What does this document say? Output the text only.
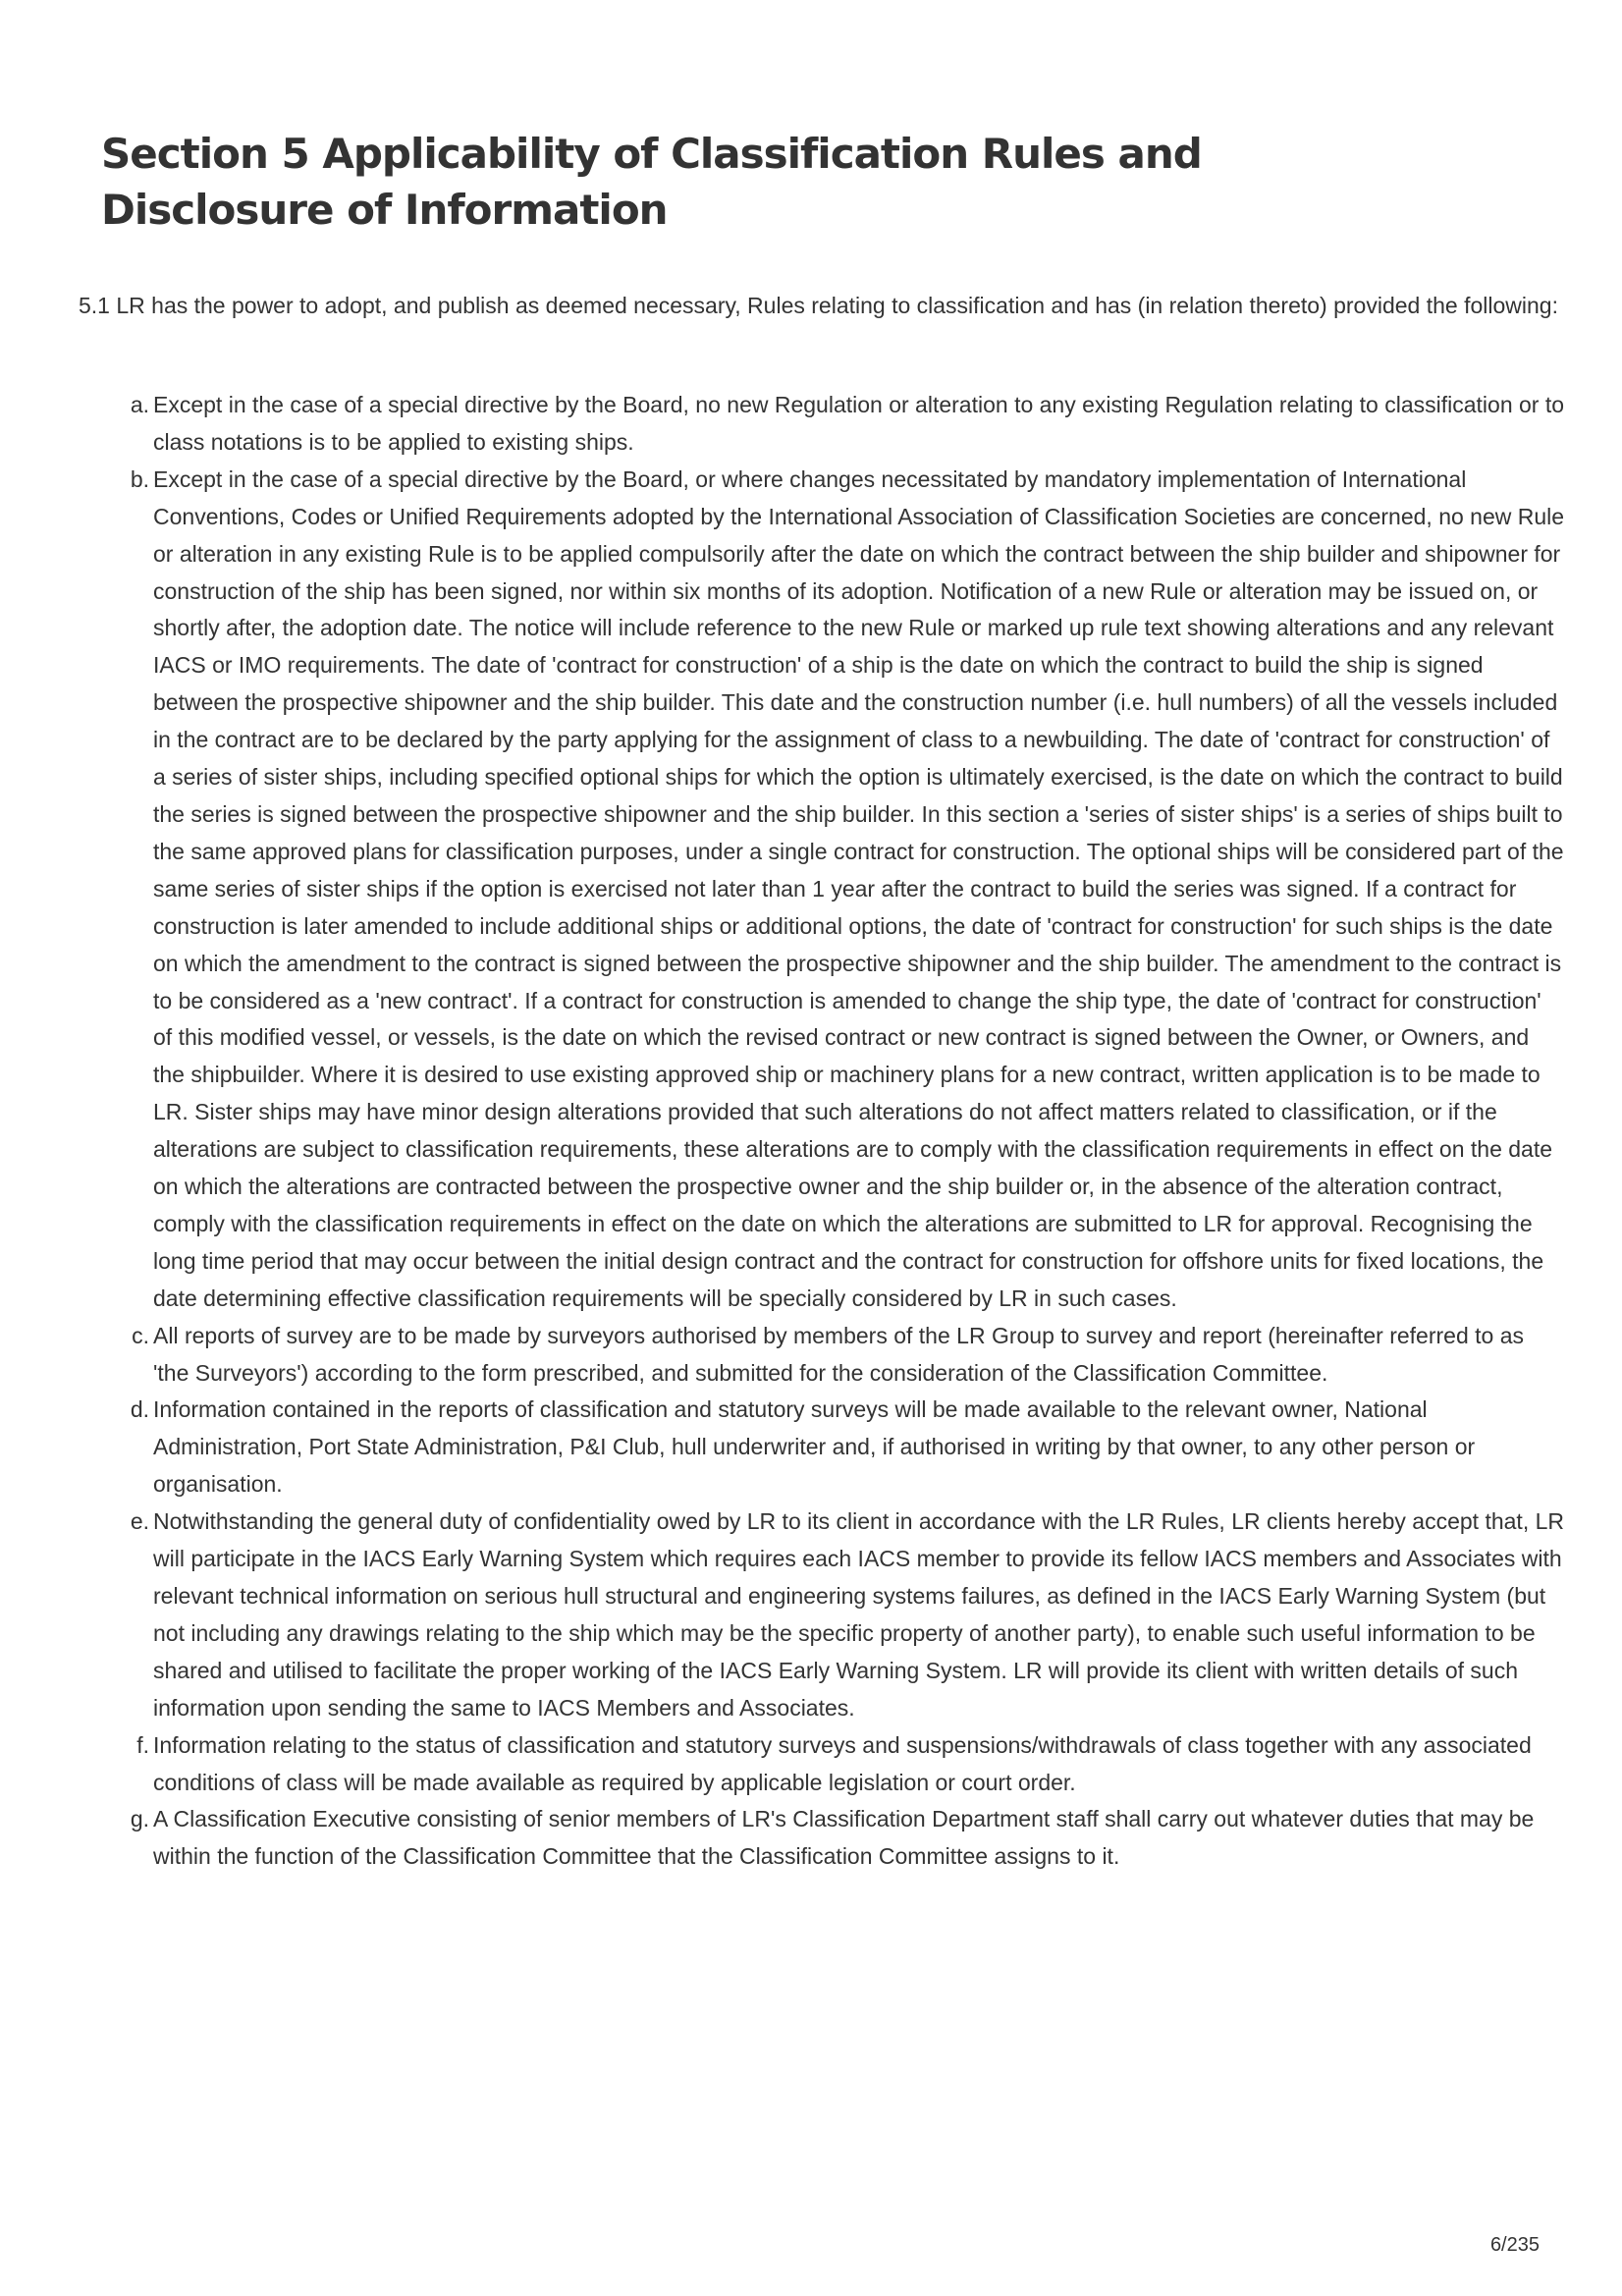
Section 5 Applicability of Classification Rules and Disclosure of Information

5.1 LR has the power to adopt, and publish as deemed necessary, Rules relating to classification and has (in relation thereto) provided the following:

a. Except in the case of a special directive by the Board, no new Regulation or alteration to any existing Regulation relating to classification or to class notations is to be applied to existing ships.
b. Except in the case of a special directive by the Board, or where changes necessitated by mandatory implementation of International Conventions, Codes or Unified Requirements adopted by the International Association of Classification Societies are concerned, no new Rule or alteration in any existing Rule is to be applied compulsorily after the date on which the contract between the ship builder and shipowner for construction of the ship has been signed, nor within six months of its adoption. Notification of a new Rule or alteration may be issued on, or shortly after, the adoption date. The notice will include reference to the new Rule or marked up rule text showing alterations and any relevant IACS or IMO requirements. The date of 'contract for construction' of a ship is the date on which the contract to build the ship is signed between the prospective shipowner and the ship builder. This date and the construction number (i.e. hull numbers) of all the vessels included in the contract are to be declared by the party applying for the assignment of class to a newbuilding. The date of 'contract for construction' of a series of sister ships, including specified optional ships for which the option is ultimately exercised, is the date on which the contract to build the series is signed between the prospective shipowner and the ship builder. In this section a 'series of sister ships' is a series of ships built to the same approved plans for classification purposes, under a single contract for construction. The optional ships will be considered part of the same series of sister ships if the option is exercised not later than 1 year after the contract to build the series was signed. If a contract for construction is later amended to include additional ships or additional options, the date of 'contract for construction' for such ships is the date on which the amendment to the contract is signed between the prospective shipowner and the ship builder. The amendment to the contract is to be considered as a 'new contract'. If a contract for construction is amended to change the ship type, the date of 'contract for construction' of this modified vessel, or vessels, is the date on which the revised contract or new contract is signed between the Owner, or Owners, and the shipbuilder. Where it is desired to use existing approved ship or machinery plans for a new contract, written application is to be made to LR. Sister ships may have minor design alterations provided that such alterations do not affect matters related to classification, or if the alterations are subject to classification requirements, these alterations are to comply with the classification requirements in effect on the date on which the alterations are contracted between the prospective owner and the ship builder or, in the absence of the alteration contract, comply with the classification requirements in effect on the date on which the alterations are submitted to LR for approval. Recognising the long time period that may occur between the initial design contract and the contract for construction for offshore units for fixed locations, the date determining effective classification requirements will be specially considered by LR in such cases.
c. All reports of survey are to be made by surveyors authorised by members of the LR Group to survey and report (hereinafter referred to as 'the Surveyors') according to the form prescribed, and submitted for the consideration of the Classification Committee.
d. Information contained in the reports of classification and statutory surveys will be made available to the relevant owner, National Administration, Port State Administration, P&I Club, hull underwriter and, if authorised in writing by that owner, to any other person or organisation.
e. Notwithstanding the general duty of confidentiality owed by LR to its client in accordance with the LR Rules, LR clients hereby accept that, LR will participate in the IACS Early Warning System which requires each IACS member to provide its fellow IACS members and Associates with relevant technical information on serious hull structural and engineering systems failures, as defined in the IACS Early Warning System (but not including any drawings relating to the ship which may be the specific property of another party), to enable such useful information to be shared and utilised to facilitate the proper working of the IACS Early Warning System. LR will provide its client with written details of such information upon sending the same to IACS Members and Associates.
f. Information relating to the status of classification and statutory surveys and suspensions/withdrawals of class together with any associated conditions of class will be made available as required by applicable legislation or court order.
g. A Classification Executive consisting of senior members of LR's Classification Department staff shall carry out whatever duties that may be within the function of the Classification Committee that the Classification Committee assigns to it.
6/235
